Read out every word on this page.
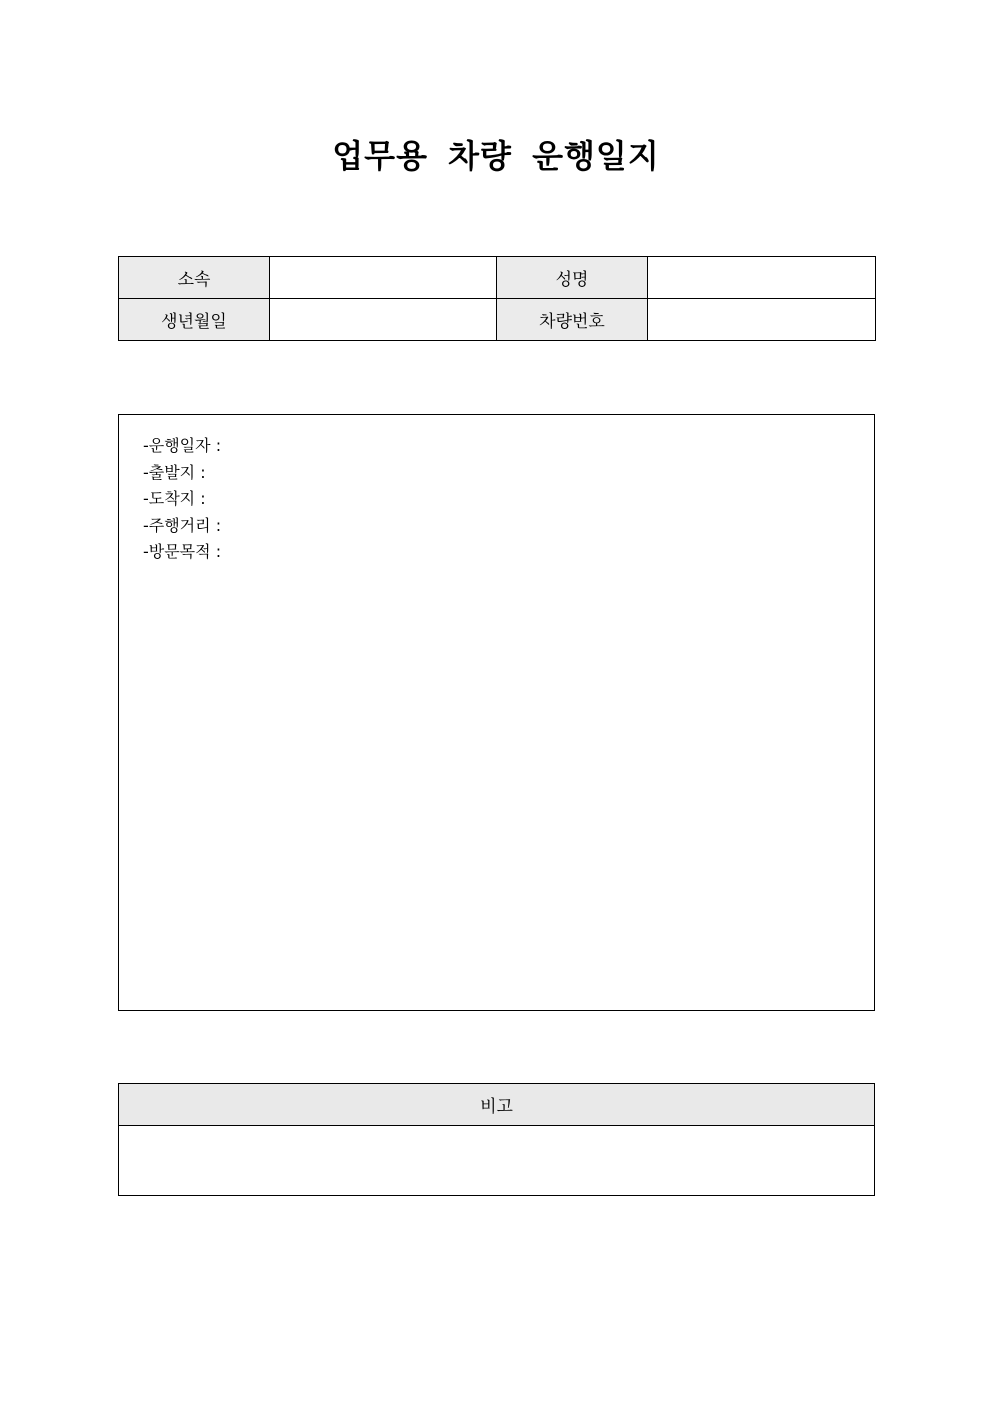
업무용 차량 운행일지
소속		성명	
생년월일		차량번호	
-운행일자 :
-출발지 :
-도착지 :
-주행거리 :
-방문목적 :
비고
